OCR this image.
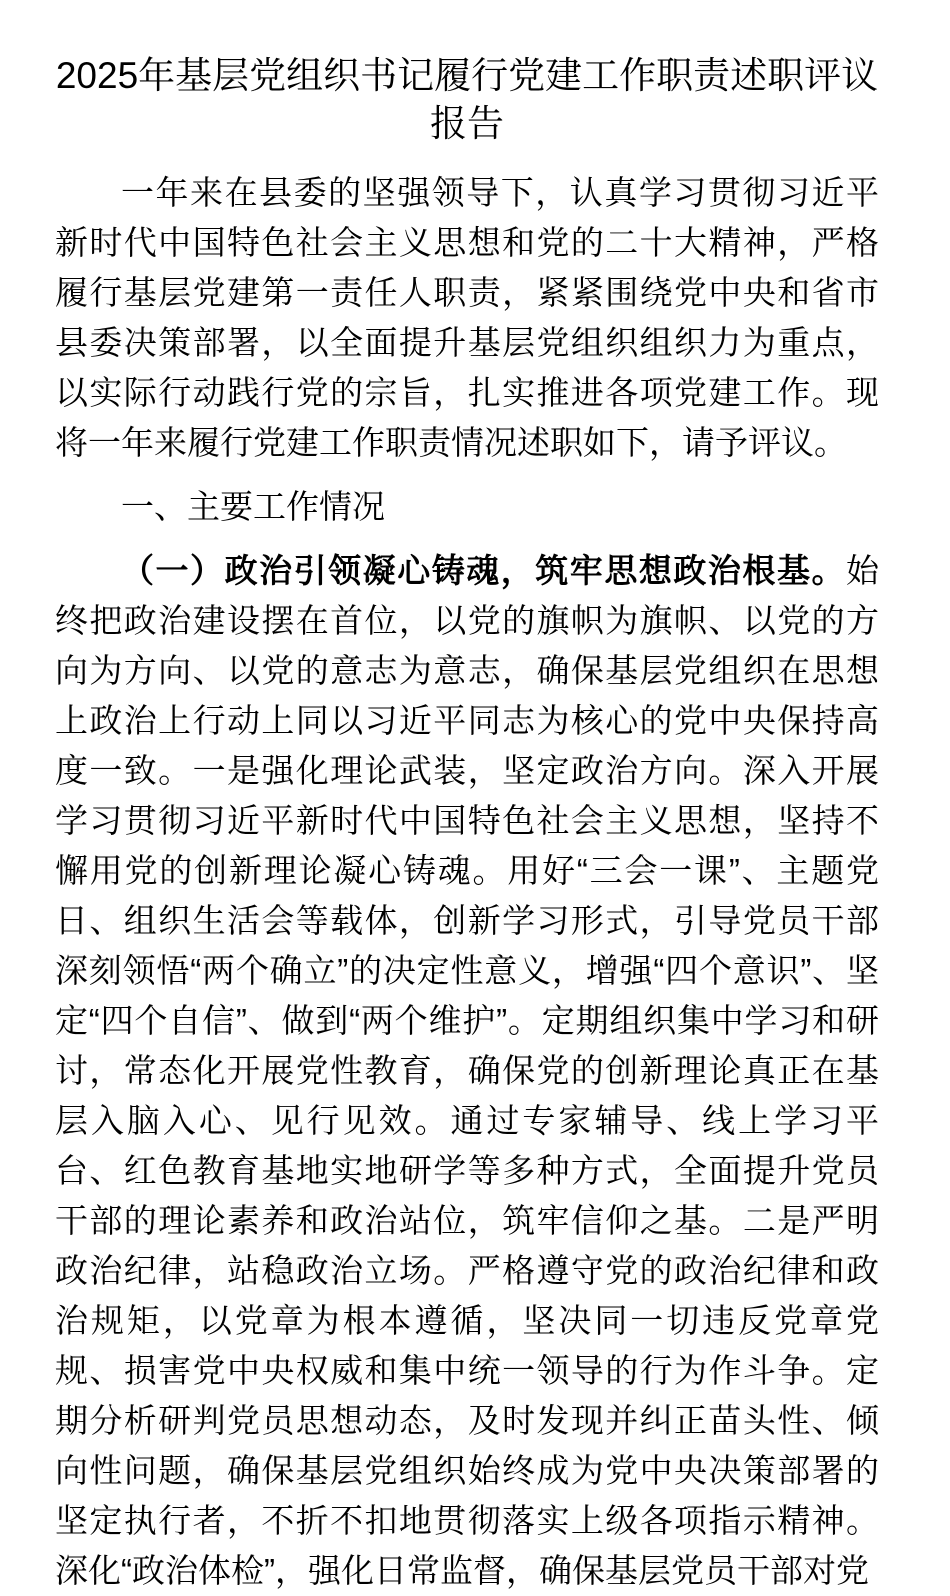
2025年基层党组织书记履行党建工作职责述职评议报告

一年来在县委的坚强领导下，认真学习贯彻习近平新时代中国特色社会主义思想和党的二十大精神，严格履行基层党建第一责任人职责，紧紧围绕党中央和省市县委决策部署，以全面提升基层党组织组织力为重点，以实际行动践行党的宗旨，扎实推进各项党建工作。现将一年来履行党建工作职责情况述职如下，请予评议。

一、主要工作情况

（一）政治引领凝心铸魂，筑牢思想政治根基。始终把政治建设摆在首位，以党的旗帜为旗帜、以党的方向为方向、以党的意志为意志，确保基层党组织在思想上政治上行动上同以习近平同志为核心的党中央保持高度一致。一是强化理论武装，坚定政治方向。深入开展学习贯彻习近平新时代中国特色社会主义思想，坚持不懈用党的创新理论凝心铸魂。用好“三会一课”、主题党日、组织生活会等载体，创新学习形式，引导党员干部深刻领悟“两个确立”的决定性意义，增强“四个意识”、坚定“四个自信”、做到“两个维护”。定期组织集中学习和研讨，常态化开展党性教育，确保党的创新理论真正在基层入脑入心、见行见效。通过专家辅导、线上学习平台、红色教育基地实地研学等多种方式，全面提升党员干部的理论素养和政治站位，筑牢信仰之基。二是严明政治纪律，站稳政治立场。严格遵守党的政治纪律和政治规矩，以党章为根本遵循，坚决同一切违反党章党规、损害党中央权威和集中统一领导的行为作斗争。定期分析研判党员思想动态，及时发现并纠正苗头性、倾向性问题，确保基层党组织始终成为党中央决策部署的坚定执行者，不折不扣地贯彻落实上级各项指示精神。深化“政治体检”，强化日常监督，确保基层党员干部对党
